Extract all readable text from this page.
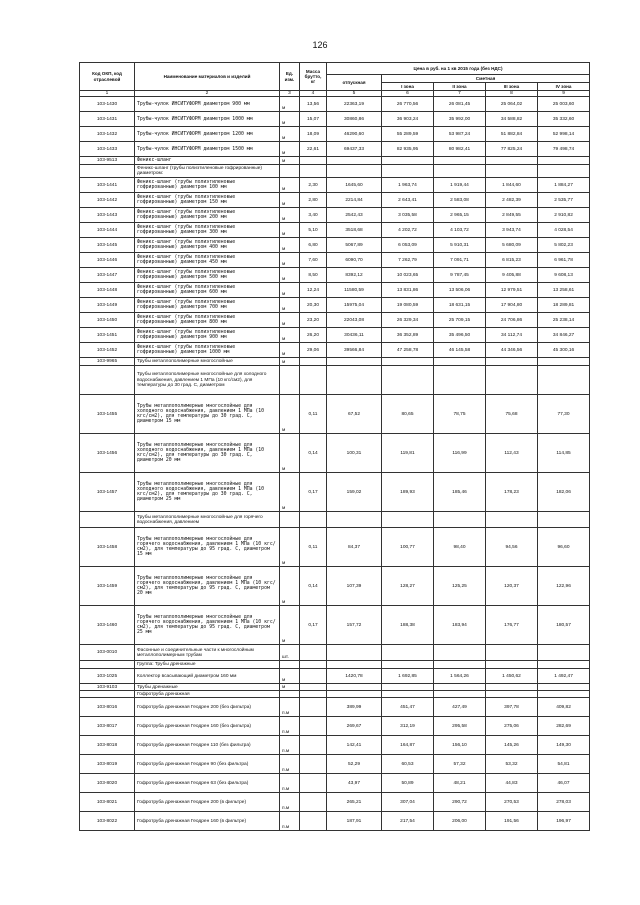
126
Код ОКП, код отраслевой	Наименование материалов и изделий	Ед. изм.	Масса брутто, кг	Цена в руб. на 1 кв 2015 года (без НДС)				
				отпускная	Сметная			
					I зона	II зона	III зона	IV зона
1	2	3	4	5	6	7	8	9
103-1430	Трубы-чулок ИНСИТУФОРМ диаметром 900 мм	м	13,56	22363,19	26 770,56	26 081,45	25 064,02	25 003,60
103-1431	Трубы-чулок ИНСИТУФОРМ диаметром 1000 мм	м	15,07	30860,86	36 903,24	35 992,00	34 588,82	35 332,60
103-1432	Трубы-чулок ИНСИТУФОРМ диаметром 1200 мм	м	18,09	46290,60	55 289,59	53 987,24	51 882,84	52 998,14
103-1433	Трубы-чулок ИНСИТУФОРМ диаметром 1500 мм	м	22,61	69437,33	82 935,95	80 982,41	77 825,24	79 498,74
103-9513	Феникс-шланг	м						
	Феникс-шланг (трубы полиэтиленовые гофрированные) диаметром:							
103-1441	Феникс-шланг (трубы полиэтиленовые гофрированные) диаметром 100 мм	м	2,30	1645,60	1 963,74	1 919,44	1 844,60	1 884,27
103-1442	Феникс-шланг (трубы полиэтиленовые гофрированные) диаметром 150 мм	м	2,80	2214,84	2 643,41	2 583,08	2 482,39	2 535,77
103-1443	Феникс-шланг (трубы полиэтиленовые гофрированные) диаметром 200 мм	м	3,40	2542,43	3 035,58	2 965,15	2 849,55	2 910,82
103-1444	Феникс-шланг (трубы полиэтиленовые гофрированные) диаметром 300 мм	м	5,10	3518,68	4 202,72	4 103,72	3 943,74	4 028,54
103-1445	Феникс-шланг (трубы полиэтиленовые гофрированные) диаметром 400 мм	м	6,80	5067,89	6 053,09	5 910,31	5 680,09	5 802,23
103-1446	Феникс-шланг (трубы полиэтиленовые гофрированные) диаметром 450 мм	м	7,60	6090,70	7 262,79	7 091,71	6 815,23	6 961,78
103-1447	Феникс-шланг (трубы полиэтиленовые гофрированные) диаметром 500 мм	м	8,50	8392,12	10 023,65	9 787,45	9 405,88	9 608,13
103-1448	Феникс-шланг (трубы полиэтиленовые гофрированные) диаметром 600 мм	м	12,24	11580,59	13 831,86	13 506,06	12 979,51	13 258,61
103-1449	Феникс-шланг (трубы полиэтиленовые гофрированные) диаметром 700 мм	м	20,30	15975,04	19 080,59	18 631,15	17 904,80	18 289,81
103-1450	Феникс-шланг (трубы полиэтиленовые гофрированные) диаметром 800 мм	м	23,20	22043,08	26 329,34	25 709,15	24 706,86	25 238,14
103-1451	Феникс-шланг (трубы полиэтиленовые гофрированные) диаметром 900 мм	м	26,20	30436,11	36 352,89	35 496,50	34 112,74	34 846,27
103-1452	Феникс-шланг (трубы полиэтиленовые гофрированные) диаметром 1000 мм	м	29,06	39566,84	47 258,78	46 145,58	44 346,56	45 300,16
103-9965	Трубы металлополимерные многослойные	м						
	Трубы металлополимерные многослойные для холодного водоснабжения, давлением 1 МПа (10 кгс/см2), для температуры до 30 град. С, диаметром							
103-1455	Трубы металлополимерные многослойные для холодного водоснабжения, давлением 1 МПа (10 кгс/см2), для температуры до 30 град. С, диаметром 15 мм	м	0,11	67,52	80,65	78,75	75,68	77,30
103-1456	Трубы металлополимерные многослойные для холодного водоснабжения, давлением 1 МПа (10 кгс/см2), для температуры до 30 град. С, диаметром 20 мм	м	0,14	100,31	119,81	116,99	112,43	114,85
103-1457	Трубы металлополимерные многослойные для холодного водоснабжения, давлением 1 МПа (10 кгс/см2), для температуры до 30 град. С, диаметром 25 мм	м	0,17	159,02	189,93	185,46	178,23	182,06
	Трубы металлополимерные многослойные для горячего водоснабжения, давлением							
103-1458	Трубы металлополимерные многослойные для горячего водоснабжения, давлением 1 МПа (10 кгс/см2), для температуры до 95 град. С, диаметром 15 мм	м	0,11	84,37	100,77	98,40	94,56	96,60
103-1459	Трубы металлополимерные многослойные для горячего водоснабжения, давлением 1 МПа (10 кгс/см2), для температуры до 95 град. С, диаметром 20 мм	м	0,14	107,39	128,27	125,25	120,37	122,96
103-1460	Трубы металлополимерные многослойные для горячего водоснабжения, давлением 1 МПа (10 кгс/см2), для температуры до 95 град. С, диаметром 25 мм	м	0,17	157,72	188,38	183,94	176,77	180,57
103-0010	Фасонные и соединительные части к многослойным металлополимерным трубам	шт.						
	Группа: Трубы дренажные							
103-1025	Коллектор всасывающий диаметром 160 мм	м		1420,78	1 692,85	1 564,26	1 450,62	1 492,47
103-9103	Трубы дренажные	м						
	Гофротруба дренажная							
103-8016	Гофротруба дренажная Геодрен 200 (без фильтра)	п.м		389,99	451,47	427,49	397,78	409,82
103-8017	Гофротруба дренажная Геодрен 160 (без фильтра)	п.м		269,67	312,19	295,58	275,06	282,69
103-8018	Гофротруба дренажная Геодрен 110 (без фильтра)	п.м		142,41	164,87	156,10	145,26	149,30
103-8019	Гофротруба дренажная Геодрен 90 (без фильтра)	п.м		52,29	60,53	57,32	53,32	54,81
103-8020	Гофротруба дренажная Геодрен 63 (без фильтра)	п.м		43,97	50,89	48,21	44,83	46,07
103-8021	Гофротруба дренажная Геодрен 200 (в фильтре)	п.м		265,21	307,04	290,72	270,53	278,03
103-8022	Гофротруба дренажная Геодрен 160 (в фильтре)	п.м		187,91	217,54	206,00	191,56	196,97
